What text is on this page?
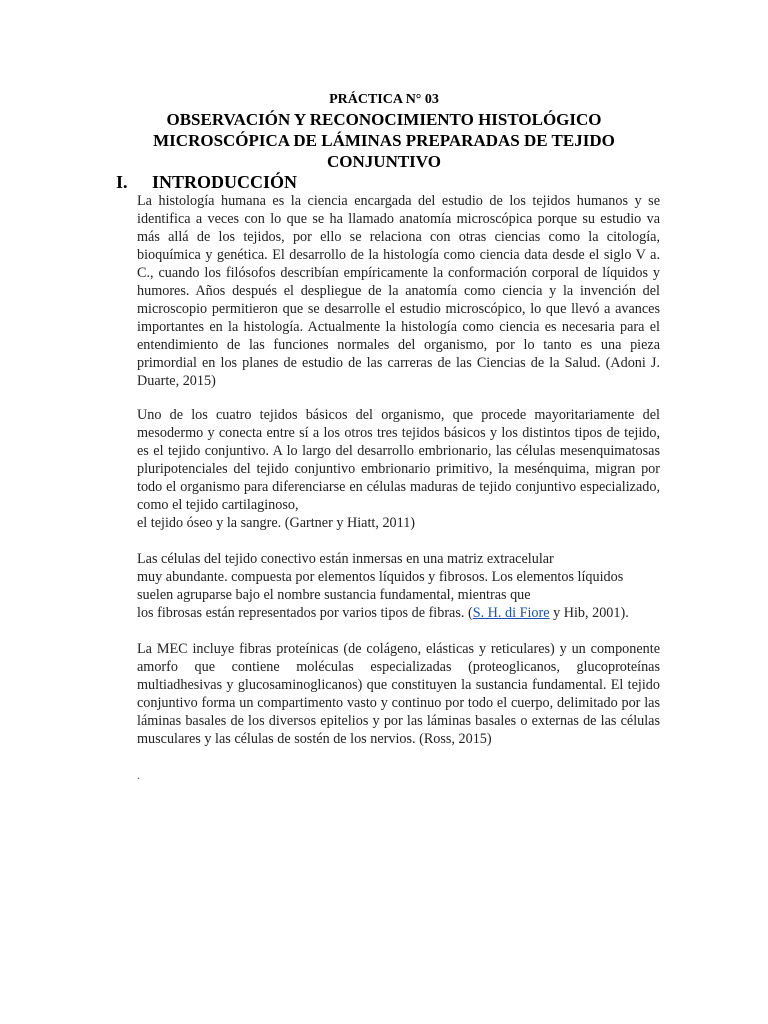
PRÁCTICA N° 03
OBSERVACIÓN Y RECONOCIMIENTO HISTOLÓGICO
MICROSCÓPICA DE LÁMINAS PREPARADAS DE TEJIDO
CONJUNTIVO
I. INTRODUCCIÓN

La histología humana es la ciencia encargada del estudio de los tejidos humanos y se identifica a veces con lo que se ha llamado anatomía microscópica porque su estudio va más allá de los tejidos, por ello se relaciona con otras ciencias como la citología, bioquímica y genética. El desarrollo de la histología como ciencia data desde el siglo V a. C., cuando los filósofos describían empíricamente la conformación corporal de líquidos y humores. Años después el despliegue de la anatomía como ciencia y la invención del microscopio permitieron que se desarrolle el estudio microscópico, lo que llevó a avances importantes en la histología. Actualmente la histología como ciencia es necesaria para el entendimiento de las funciones normales del organismo, por lo tanto es una pieza primordial en los planes de estudio de las carreras de las Ciencias de la Salud. (Adoni J. Duarte, 2015)

Uno de los cuatro tejidos básicos del organismo, que procede mayoritariamente del mesodermo y conecta entre sí a los otros tres tejidos básicos y los distintos tipos de tejido, es el tejido conjuntivo. A lo largo del desarrollo embrionario, las células mesenquimatosas pluripotenciales del tejido conjuntivo embrionario primitivo, la mesénquima, migran por todo el organismo para diferenciarse en células maduras de tejido conjuntivo especializado, como el tejido cartilaginoso,

el tejido óseo y la sangre. (Gartner y Hiatt, 2011)

Las células del tejido conectivo están inmersas en una matriz extracelular
muy abundante. compuesta por elementos líquidos y fibrosos. Los elementos líquidos
suelen agruparse bajo el nombre sustancia fundamental, mientras que
los fibrosas están representados por varios tipos de fibras. (S. H. di Fiore y Hib, 2001).

La MEC incluye fibras proteínicas (de colágeno, elásticas y reticulares) y un componente amorfo que contiene moléculas especializadas (proteoglicanos, glucoproteínas multiadhesivas y glucosaminoglicanos) que constituyen la sustancia fundamental. El tejido conjuntivo forma un compartimento vasto y continuo por todo el cuerpo, delimitado por las láminas basales de los diversos epitelios y por las láminas basales o externas de las células musculares y las células de sostén de los nervios. (Ross, 2015)

.
